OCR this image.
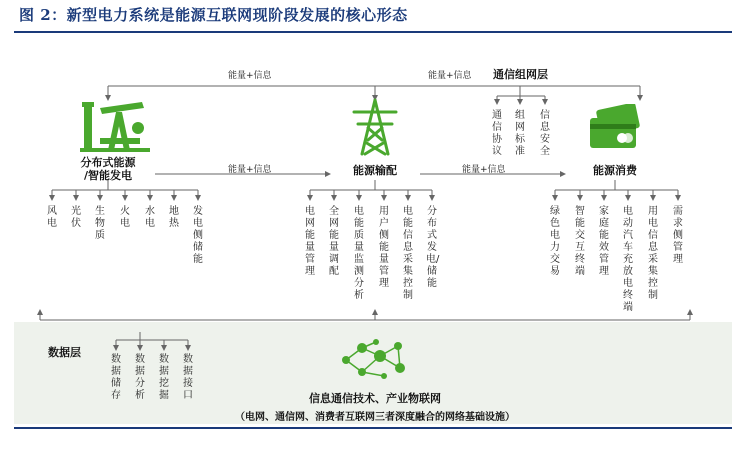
图 2：新型电力系统是能源互联网现阶段发展的核心形态
能量+信息	能量+信息
能量+信息	能量+信息
通信组网层
通信协议
组网标准
信息安全
分布式能源
/智能发电
风电
光伏
生物质
火电
水电
地热
发电侧储能
能源输配
电网能量管理
全网能量调配
电能质量监测分析
用户侧能量管理
电能信息采集控制
分布式发电/储能
能源消费
绿色电力交易
智能交互终端
家庭能效管理
电动汽车充放电终端
用电信息采集控制
需求侧管理
数据层
数据储存
数据分析
数据挖掘
数据接口	信息通信技术、产业物联网
（电网、通信网、消费者互联网三者深度融合的网络基础设施）
